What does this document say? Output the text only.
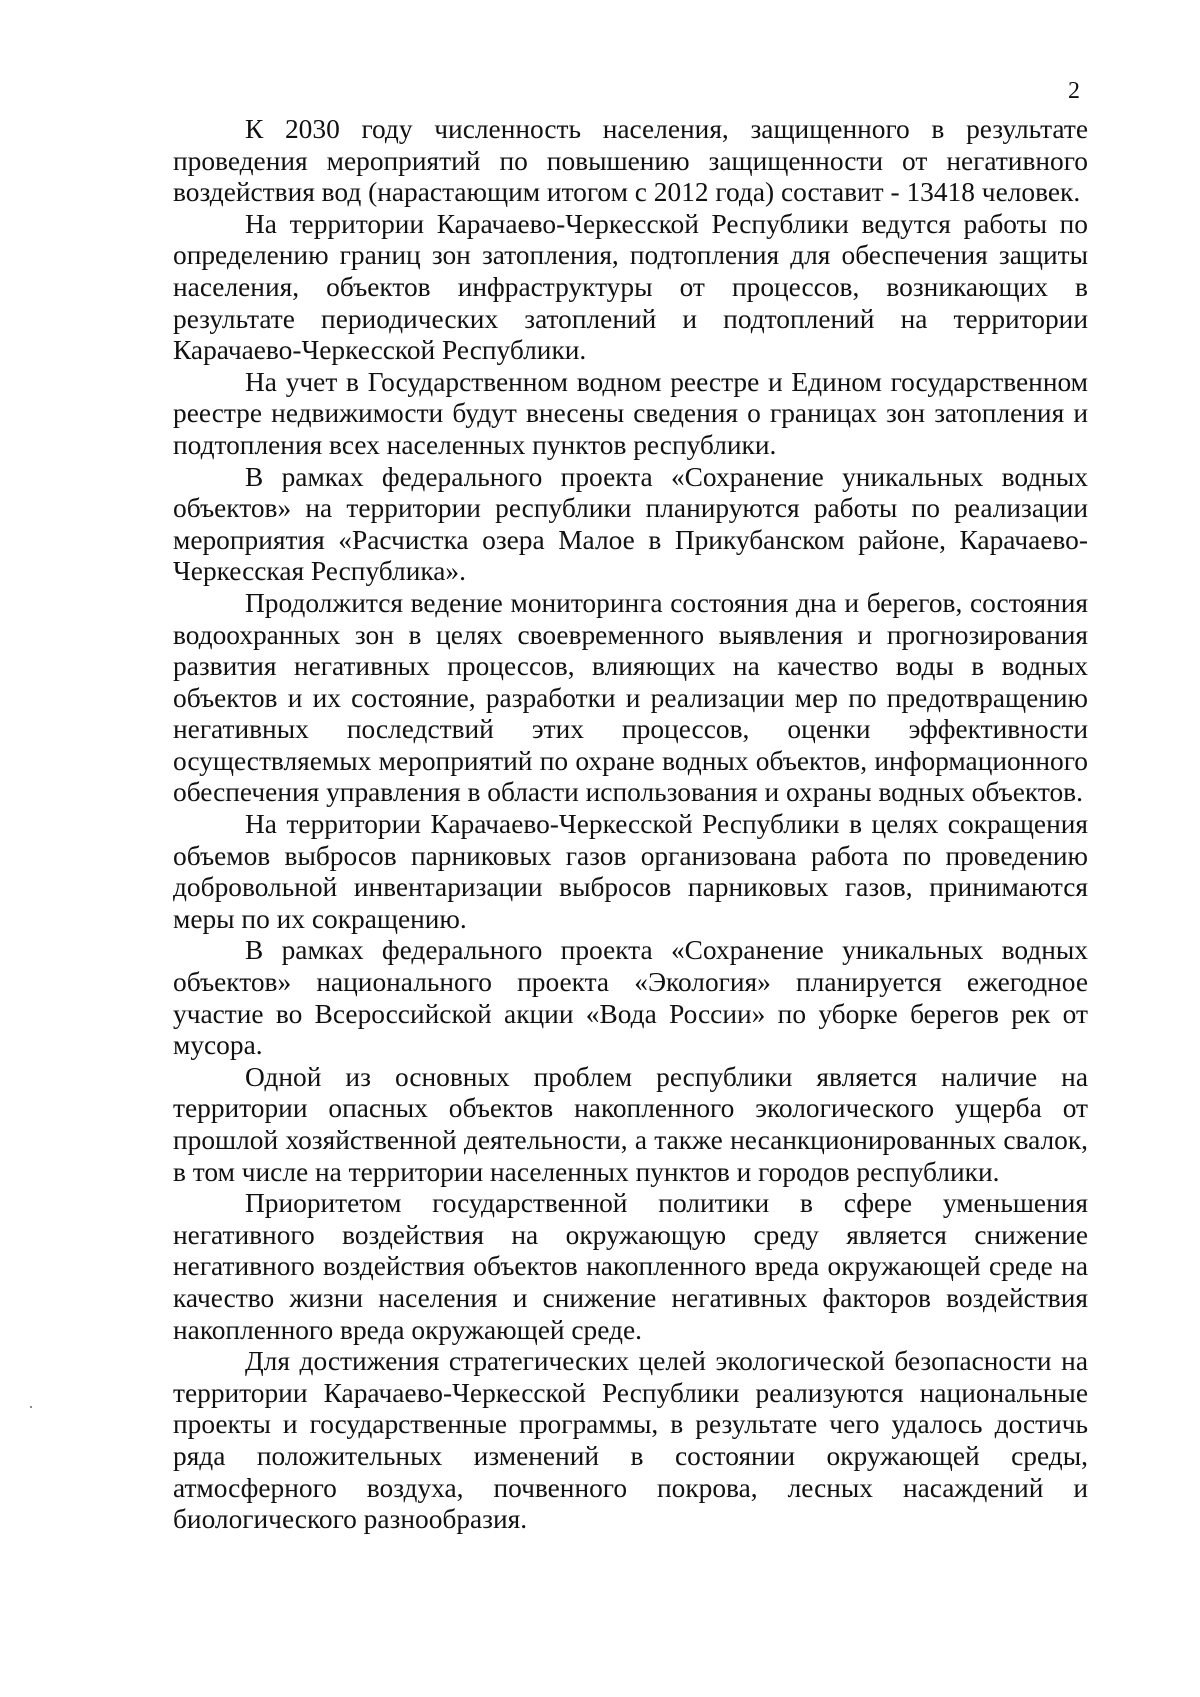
2

К 2030 году численность населения, защищенного в результате проведения мероприятий по повышению защищенности от негативного воздействия вод (нарастающим итогом с 2012 года) составит - 13418 человек.

На территории Карачаево-Черкесской Республики ведутся работы по определению границ зон затопления, подтопления для обеспечения защиты населения, объектов инфраструктуры от процессов, возникающих в результате периодических затоплений и подтоплений на территории Карачаево-Черкесской Республики.

На учет в Государственном водном реестре и Едином государственном реестре недвижимости будут внесены сведения о границах зон затопления и подтопления всех населенных пунктов республики.

В рамках федерального проекта «Сохранение уникальных водных объектов» на территории республики планируются работы по реализации мероприятия «Расчистка озера Малое в Прикубанском районе, Карачаево-Черкесская Республика».

Продолжится ведение мониторинга состояния дна и берегов, состояния водоохранных зон в целях своевременного выявления и прогнозирования развития негативных процессов, влияющих на качество воды в водных объектов и их состояние, разработки и реализации мер по предотвращению негативных последствий этих процессов, оценки эффективности осуществляемых мероприятий по охране водных объектов, информационного обеспечения управления в области использования и охраны водных объектов.

На территории Карачаево-Черкесской Республики в целях сокращения объемов выбросов парниковых газов организована работа по проведению добровольной инвентаризации выбросов парниковых газов, принимаются меры по их сокращению.

В рамках федерального проекта «Сохранение уникальных водных объектов» национального проекта «Экология» планируется ежегодное участие во Всероссийской акции «Вода России» по уборке берегов рек от мусора.

Одной из основных проблем республики является наличие на территории опасных объектов накопленного экологического ущерба от прошлой хозяйственной деятельности, а также несанкционированных свалок, в том числе на территории населенных пунктов и городов республики.

Приоритетом государственной политики в сфере уменьшения негативного воздействия на окружающую среду является снижение негативного воздействия объектов накопленного вреда окружающей среде на качество жизни населения и снижение негативных факторов воздействия накопленного вреда окружающей среде.

Для достижения стратегических целей экологической безопасности на территории Карачаево-Черкесской Республики реализуются национальные проекты и государственные программы, в результате чего удалось достичь ряда положительных изменений в состоянии окружающей среды, атмосферного воздуха, почвенного покрова, лесных насаждений и биологического разнообразия.
